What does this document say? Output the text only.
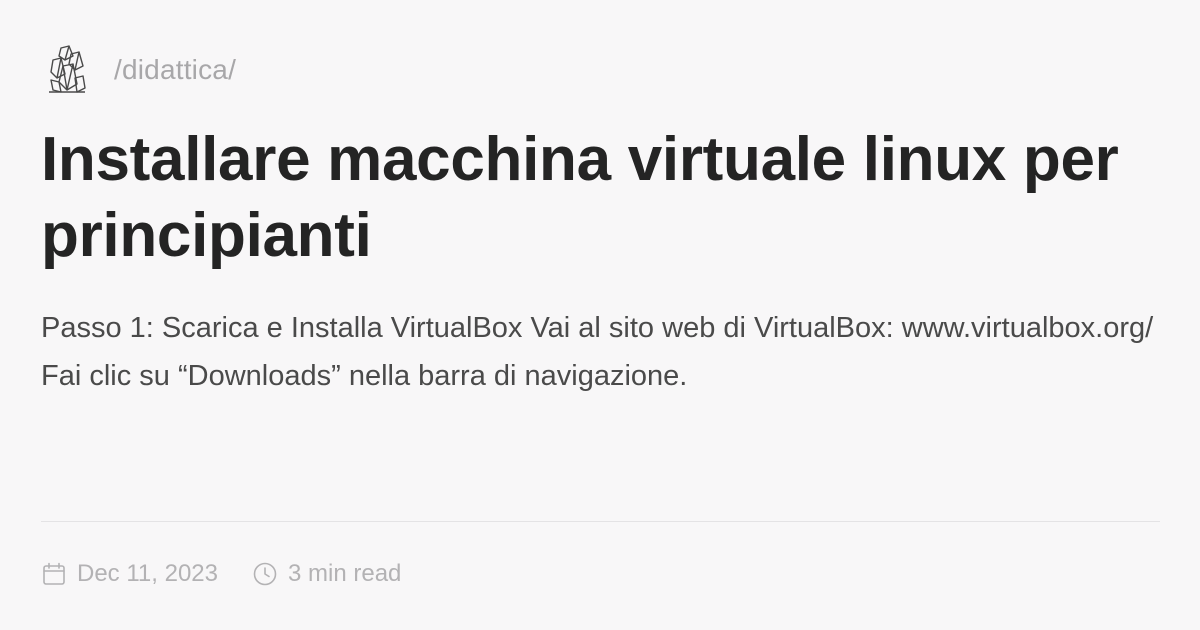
/didattica/
Installare macchina virtuale linux per principianti

Passo 1: Scarica e Installa VirtualBox Vai al sito web di VirtualBox: www.virtualbox.org/ Fai clic su “Downloads” nella barra di navigazione.

Dec 11, 2023	3 min read
